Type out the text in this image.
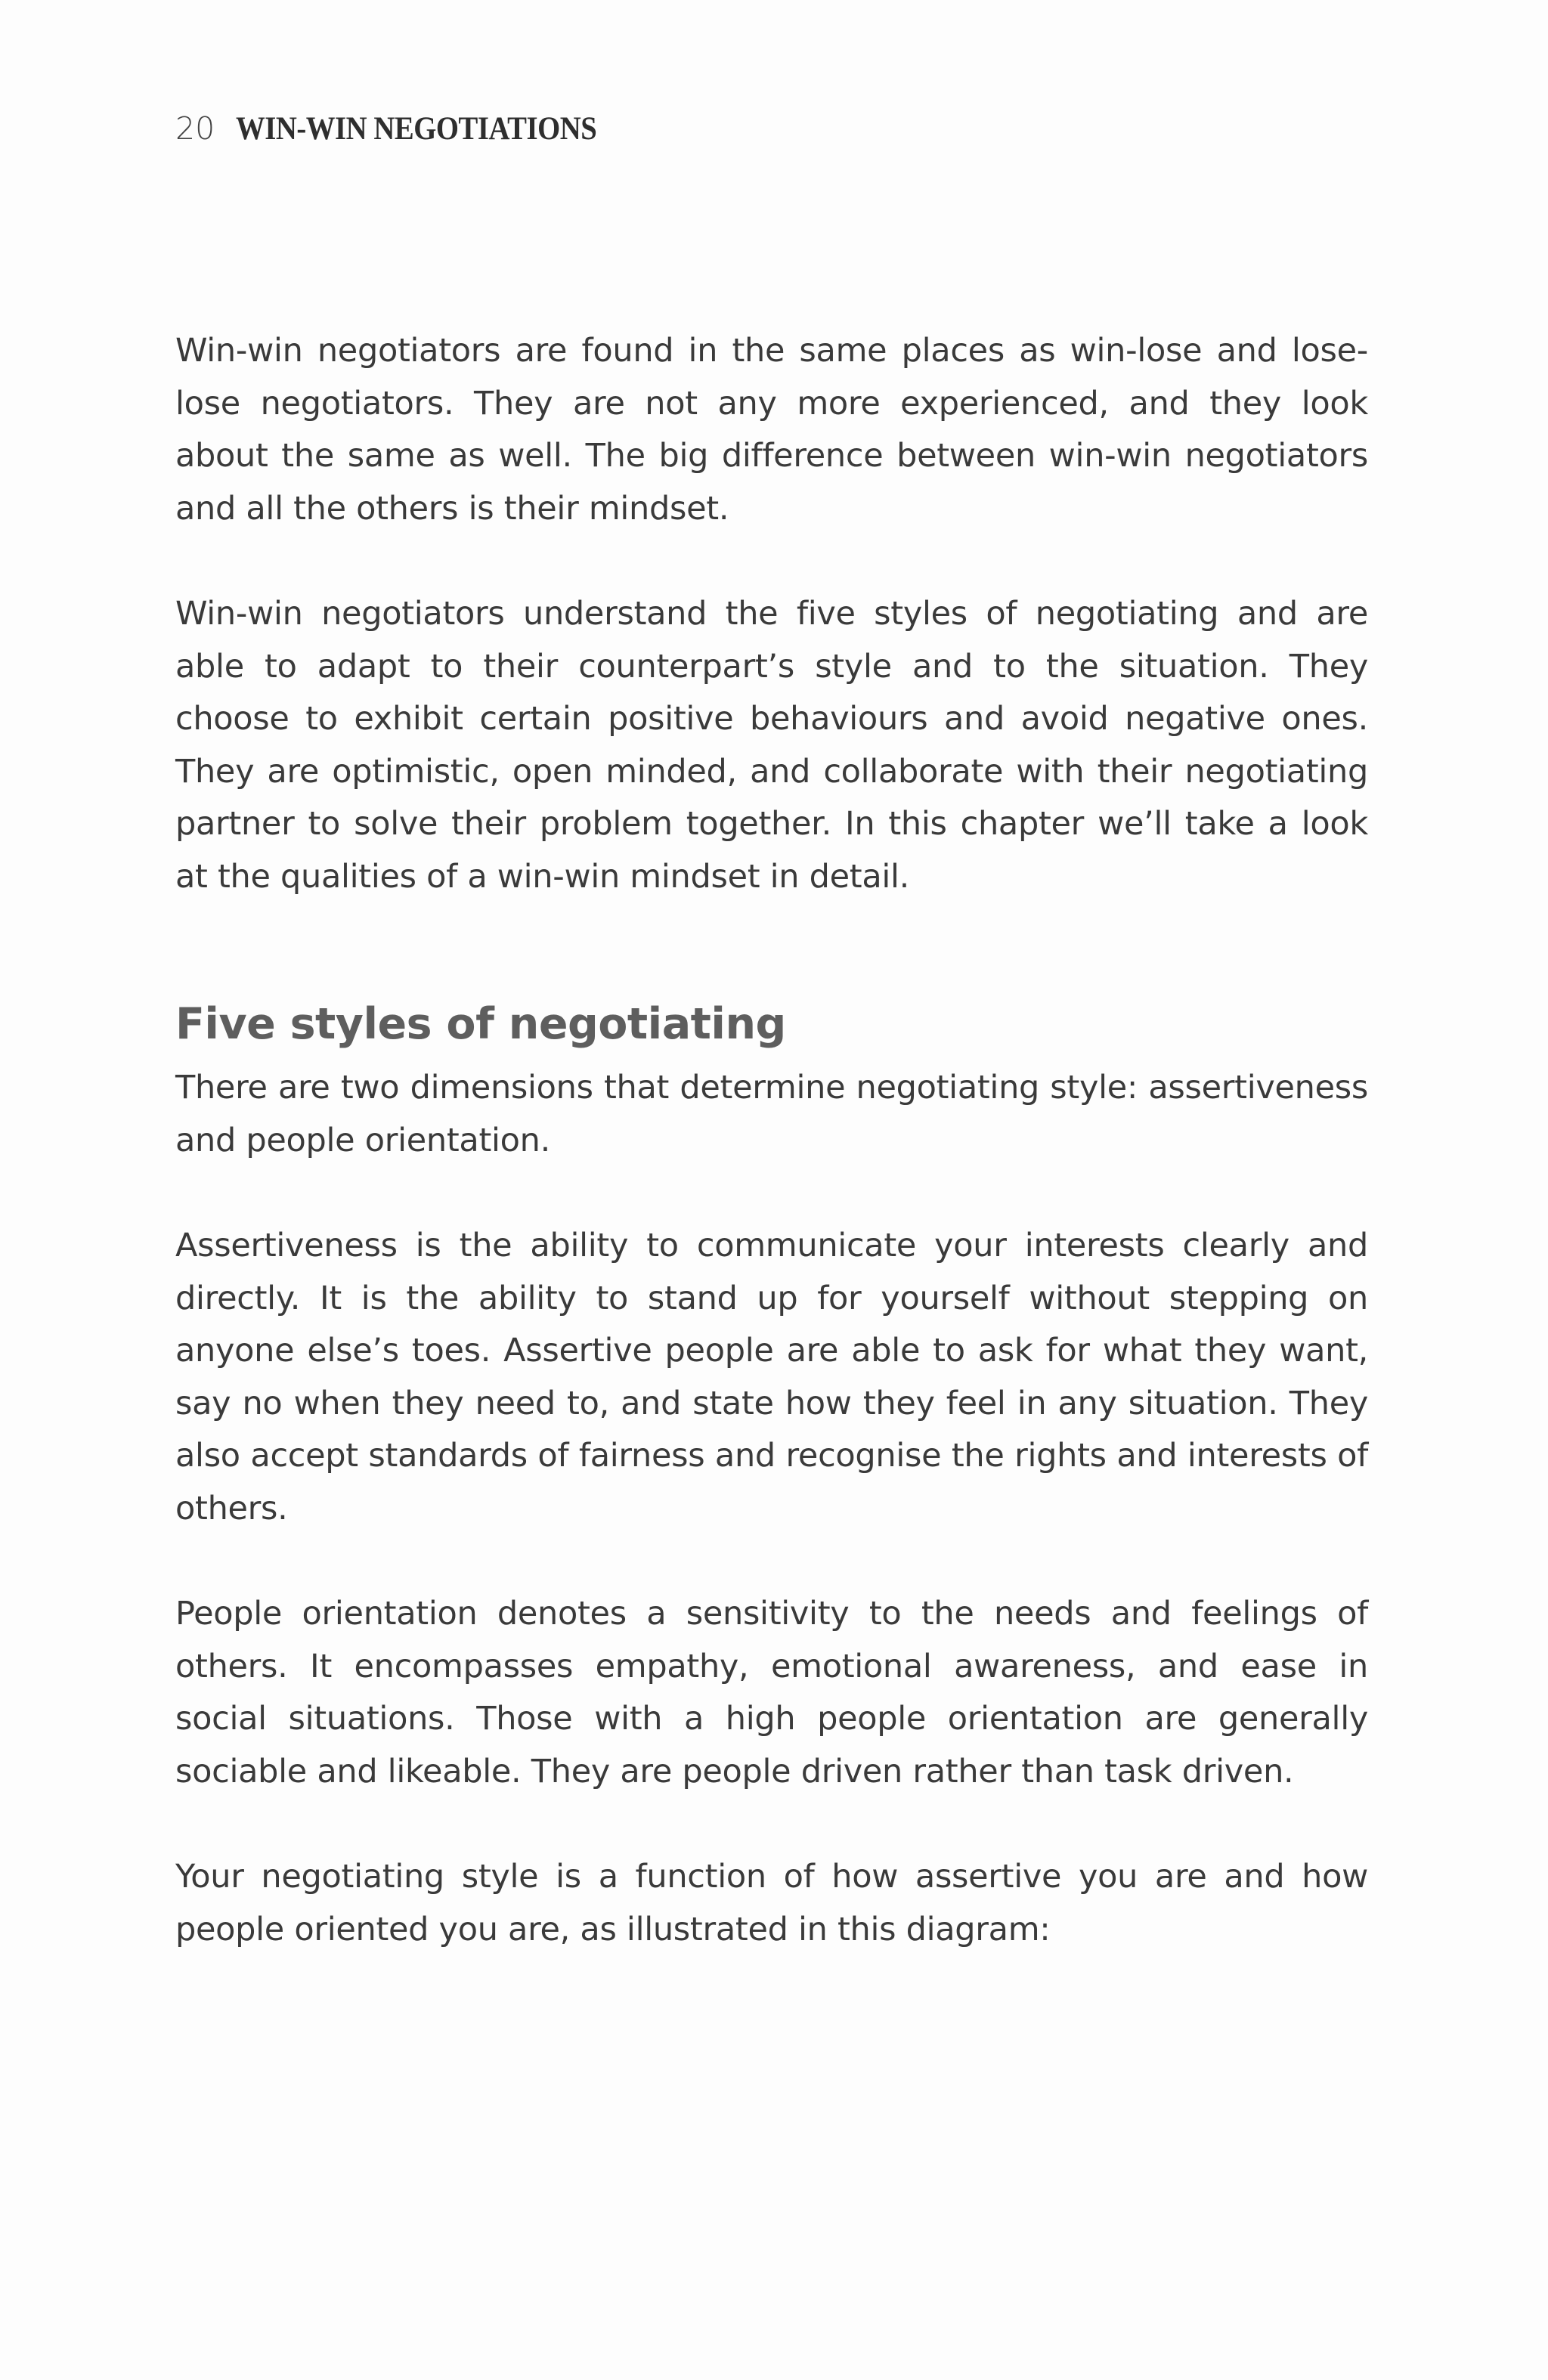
20 WIN-WIN NEGOTIATIONS

Win-win negotiators are found in the same places as win-lose and lose-lose negotiators. They are not any more experienced, and they look about the same as well. The big difference between win-win negotiators and all the others is their mindset.

Win-win negotiators understand the five styles of negotiating and are able to adapt to their counterpart’s style and to the situation. They choose to exhibit certain positive behaviours and avoid negative ones. They are optimistic, open minded, and collaborate with their negotiating partner to solve their problem together. In this chapter we’ll take a look at the qualities of a win-win mindset in detail.

Five styles of negotiating

There are two dimensions that determine negotiating style: assertiveness and people orientation.

Assertiveness is the ability to communicate your interests clearly and directly. It is the ability to stand up for yourself without stepping on anyone else’s toes. Assertive people are able to ask for what they want, say no when they need to, and state how they feel in any situation. They also accept standards of fairness and recognise the rights and interests of others.

People orientation denotes a sensitivity to the needs and feelings of others. It encompasses empathy, emotional awareness, and ease in social situations. Those with a high people orientation are generally sociable and likeable. They are people driven rather than task driven.

Your negotiating style is a function of how assertive you are and how people oriented you are, as illustrated in this diagram:
